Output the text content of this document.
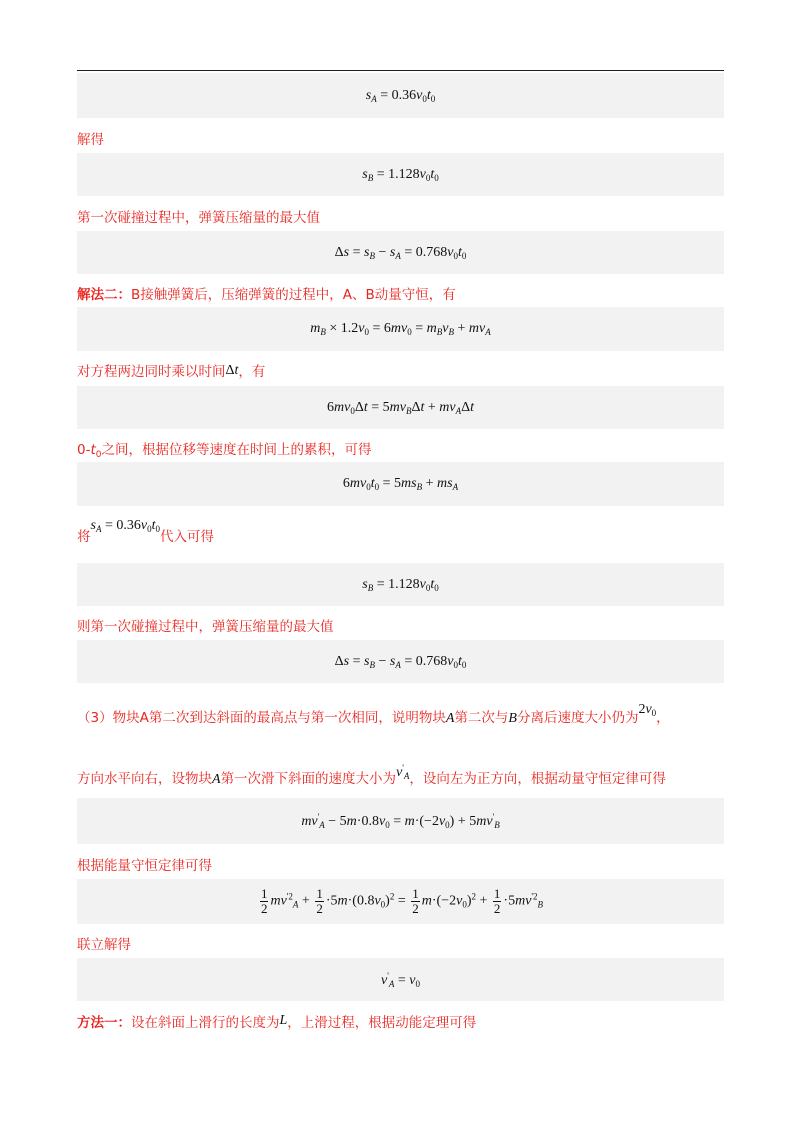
$s_A = 0.36v_0t_0$
解得
$s_B = 1.128v_0t_0$
第一次碰撞过程中，弹簧压缩量的最大值
$\Delta s = s_B - s_A = 0.768v_0t_0$
解法二：B接触弹簧后，压缩弹簧的过程中，A、B动量守恒，有
$m_B \times 1.2v_0 = 6mv_0 = m_Bv_B + mv_A$
对方程两边同时乘以时间Δt，有
$6mv_0\Delta t = 5mv_B\Delta t + mv_A\Delta t$
$0-t_0$之间，根据位移等速度在时间上的累积，可得
$6mv_0t_0 = 5ms_B + ms_A$
将$s_A = 0.36v_0t_0$代入可得
$s_B = 1.128v_0t_0$
则第一次碰撞过程中，弹簧压缩量的最大值
$\Delta s = s_B - s_A = 0.768v_0t_0$
（3）物块A第二次到达斜面的最高点与第一次相同，说明物块A第二次与B分离后速度大小仍为$2v_0$，
方向水平向右，设物块A第一次滑下斜面的速度大小为$v'_A$，设向左为正方向，根据动量守恒定律可得
$mv'_A - 5m\cdot 0.8v_0 = m\cdot(-2v_0) + 5mv'_B$
根据能量守恒定律可得
$\frac{1}{2} mv^{'2}_A + \frac{1}{2} \cdot 5m\cdot(0.8v_0)^2 = \frac{1}{2} m\cdot(-2v_0)^2 + \frac{1}{2} \cdot 5mv^{'2}_B$
联立解得
$v'_A = v_0$
方法一：设在斜面上滑行的长度为L，上滑过程，根据动能定理可得
